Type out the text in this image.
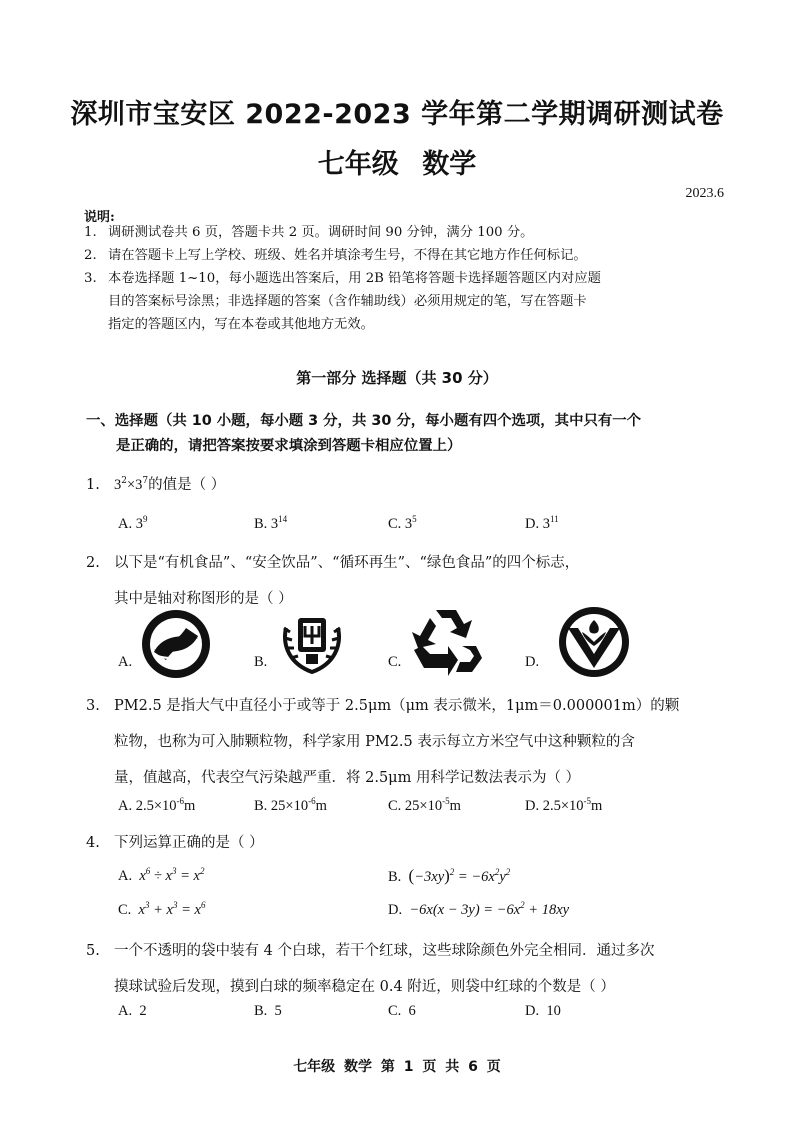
深圳市宝安区 2022-2023 学年第二学期调研测试卷
七年级 数学
2023.6
说明:
1. 调研测试卷共 6 页，答题卡共 2 页。调研时间 90 分钟，满分 100 分。
2. 请在答题卡上写上学校、班级、姓名并填涂考生号，不得在其它地方作任何标记。
3. 本卷选择题 1~10，每小题选出答案后，用 2B 铅笔将答题卡选择题答题区内对应题
目的答案标号涂黑；非选择题的答案（含作辅助线）必须用规定的笔，写在答题卡
指定的答题区内，写在本卷或其他地方无效。
第一部分 选择题（共 30 分）
一、选择题（共 10 小题，每小题 3 分，共 30 分，每小题有四个选项，其中只有一个
是正确的，请把答案按要求填涂到答题卡相应位置上）
1. $3^2\times 3^7$的值是（ ）
A. $3^9$	B. $3^{14}$	C. $3^5$	D. $3^{11}$
2. 以下是“有机食品”、“安全饮品”、“循环再生”、“绿色食品”的四个标志，
其中是轴对称图形的是（ ）
A.	B.	C.	D.
3. PM2.5 是指大气中直径小于或等于 2.5μm（μm 表示微米，1μm＝0.000001m）的颗
粒物，也称为可入肺颗粒物，科学家用 PM2.5 表示每立方米空气中这种颗粒的含
量，值越高，代表空气污染越严重．将 2.5μm 用科学记数法表示为（ ）
A. $2.5\times 10^{-6}m$	B. $25\times 10^{-6}m$	C. $25\times 10^{-5}m$	D. $2.5\times 10^{-5}m$
4. 下列运算正确的是（ ）
A. $x^6 \div x^3 = x^2$	B. $(-3xy)^2 = -6x^2y^2$
C. $x^3 + x^3 = x^6$	D. $-6x(x - 3y) = -6x^2 + 18xy$
5. 一个不透明的袋中装有 4 个白球，若干个红球，这些球除颜色外完全相同．通过多次
摸球试验后发现，摸到白球的频率稳定在 0.4 附近，则袋中红球的个数是（ ）
A. 2	B. 5	C. 6	D. 10
七年级 数学 第 1 页 共 6 页
